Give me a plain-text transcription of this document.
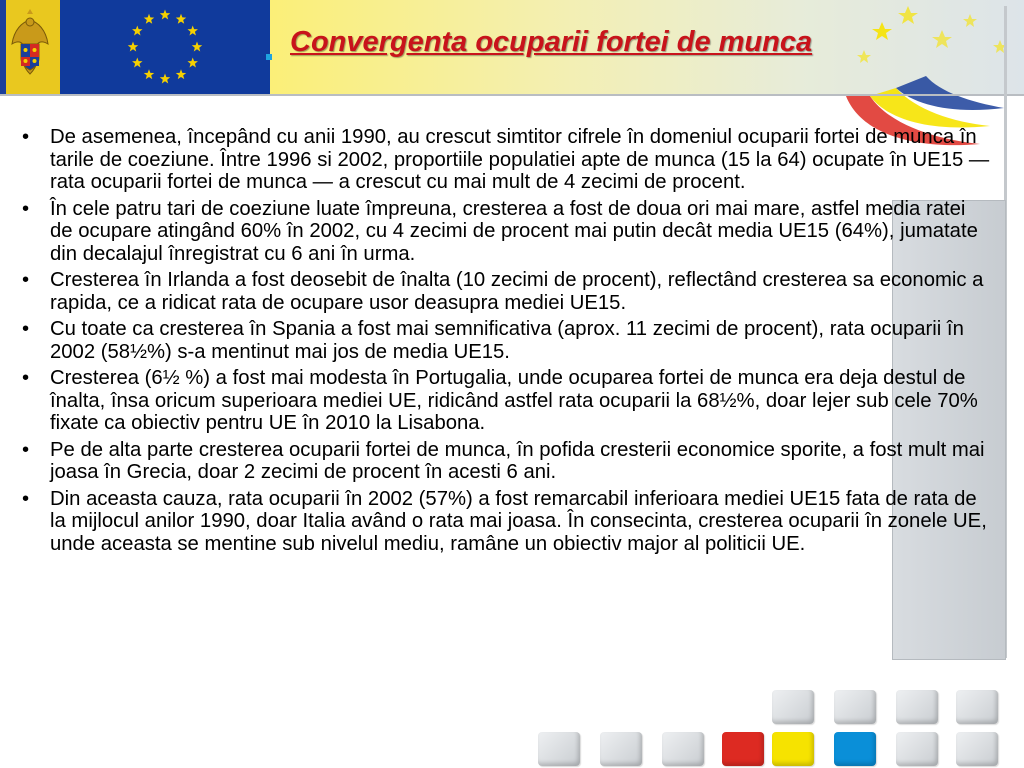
Convergenta ocuparii fortei de munca
• De asemenea, începând cu anii 1990, au crescut simtitor cifrele în domeniul ocuparii fortei de munca în tarile de coeziune. Între 1996 si 2002, proportiile populatiei apte de munca (15 la 64) ocupate în UE15 — rata ocuparii fortei de munca — a crescut cu mai mult de 4 zecimi de procent.
• În cele patru tari de coeziune luate împreuna, cresterea a fost de doua ori mai mare, astfel media ratei de ocupare atingând 60% în 2002, cu 4 zecimi de procent mai putin decât media UE15 (64%), jumatate din decalajul înregistrat cu 6 ani în urma.
• Cresterea în Irlanda a fost deosebit de înalta (10 zecimi de procent), reflectând cresterea sa economic a rapida, ce a ridicat rata de ocupare usor deasupra mediei UE15.
• Cu toate ca cresterea în Spania a fost mai semnificativa (aprox. 11 zecimi de procent), rata ocuparii în 2002 (58½%) s-a mentinut mai jos de media UE15.
• Cresterea (6½ %) a fost mai modesta în Portugalia, unde ocuparea fortei de munca era deja destul de înalta, însa oricum superioara mediei UE, ridicând astfel rata ocuparii la 68½%, doar lejer sub cele 70% fixate ca obiectiv pentru UE în 2010 la Lisabona.
• Pe de alta parte cresterea ocuparii fortei de munca, în pofida cresterii economice sporite, a fost mult mai joasa în Grecia, doar 2 zecimi de procent în acesti 6 ani.
• Din aceasta cauza, rata ocuparii în 2002 (57%) a fost remarcabil inferioara mediei UE15 fata de rata de la mijlocul anilor 1990, doar Italia având o rata mai joasa. În consecinta, cresterea ocuparii în zonele UE, unde aceasta se mentine sub nivelul mediu, ramâne un obiectiv major al politicii UE.
